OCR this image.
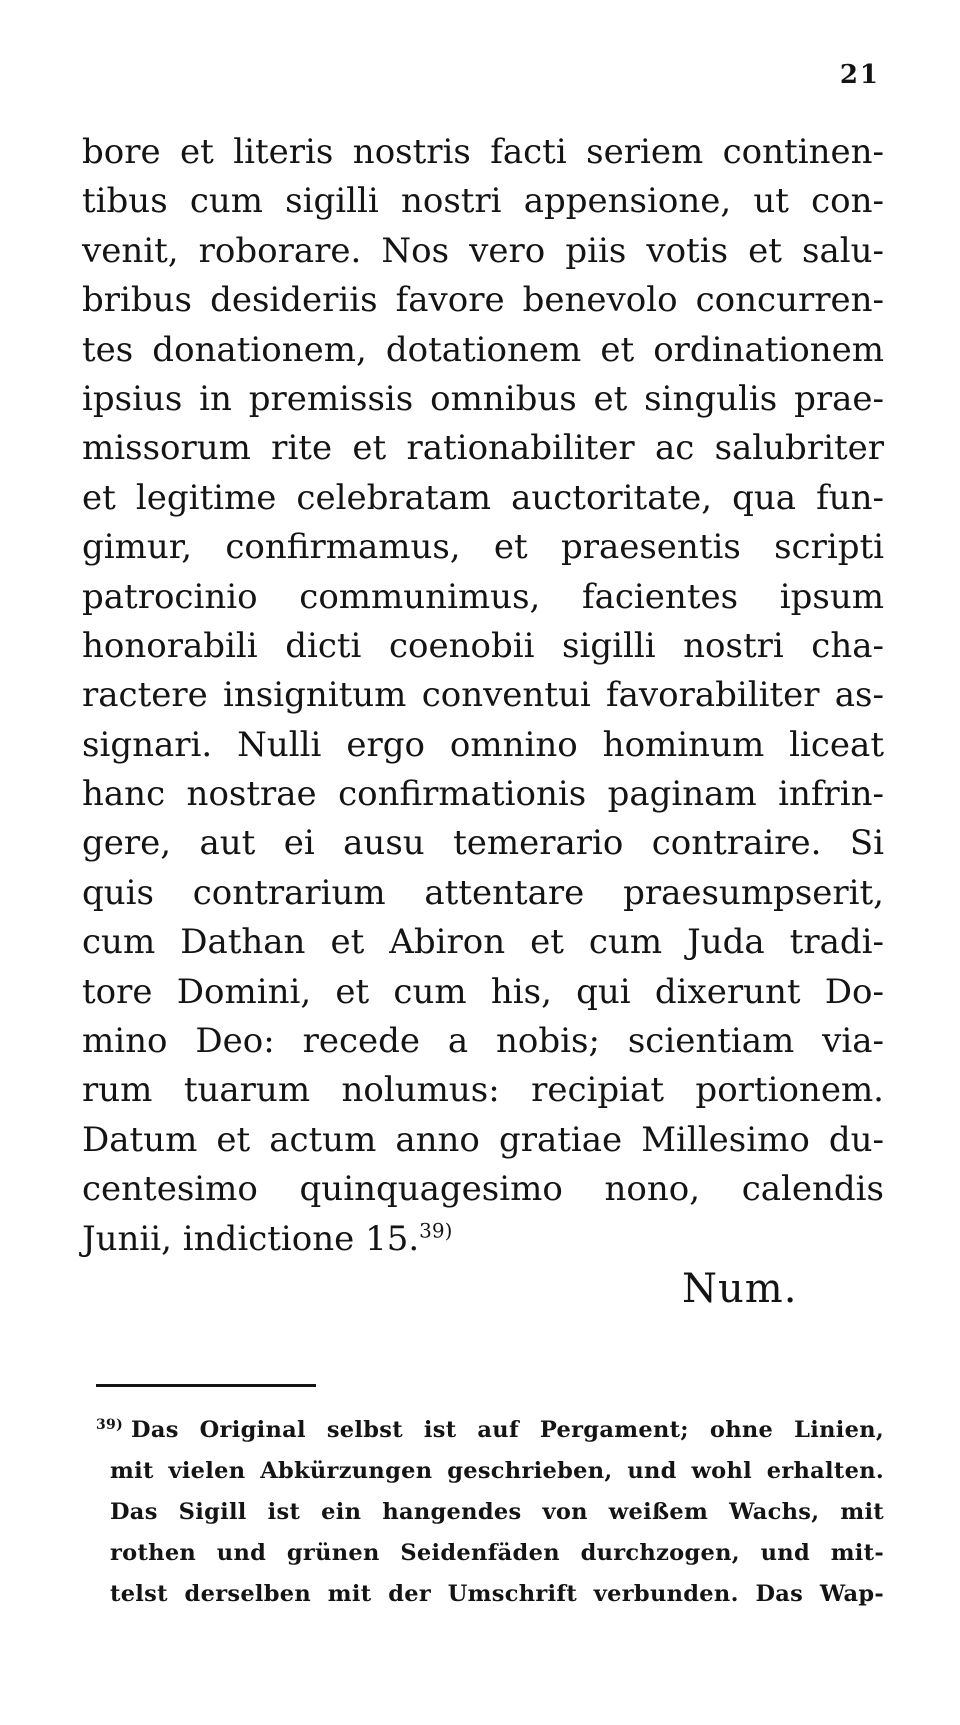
21
bore et literis nostris facti seriem continen-
tibus cum sigilli nostri appensione, ut con-
venit, roborare. Nos vero piis votis et salu-
bribus desideriis favore benevolo concurren-
tes donationem, dotationem et ordinationem
ipsius in premissis omnibus et singulis prae-
missorum rite et rationabiliter ac salubriter
et legitime celebratam auctoritate, qua fun-
gimur, confirmamus, et praesentis scripti
patrocinio communimus, facientes ipsum
honorabili dicti coenobii sigilli nostri cha-
ractere insignitum conventui favorabiliter as-
signari. Nulli ergo omnino hominum liceat
hanc nostrae confirmationis paginam infrin-
gere, aut ei ausu temerario contraire. Si
quis contrarium attentare praesumpserit,
cum Dathan et Abiron et cum Juda tradi-
tore Domini, et cum his, qui dixerunt Do-
mino Deo: recede a nobis; scientiam via-
rum tuarum nolumus: recipiat portionem.
Datum et actum anno gratiae Millesimo du-
centesimo quinquagesimo nono, calendis
Junii, indictione 15.$^{39)}$
Num.
$^{39)}$ Das Original selbst ist auf Pergament; ohne Linien,
mit vielen Abkürzungen geschrieben, und wohl erhalten.
Das Sigill ist ein hangendes von weißem Wachs, mit
rothen und grünen Seidenfäden durchzogen, und mit-
telst derselben mit der Umschrift verbunden. Das Wap-
